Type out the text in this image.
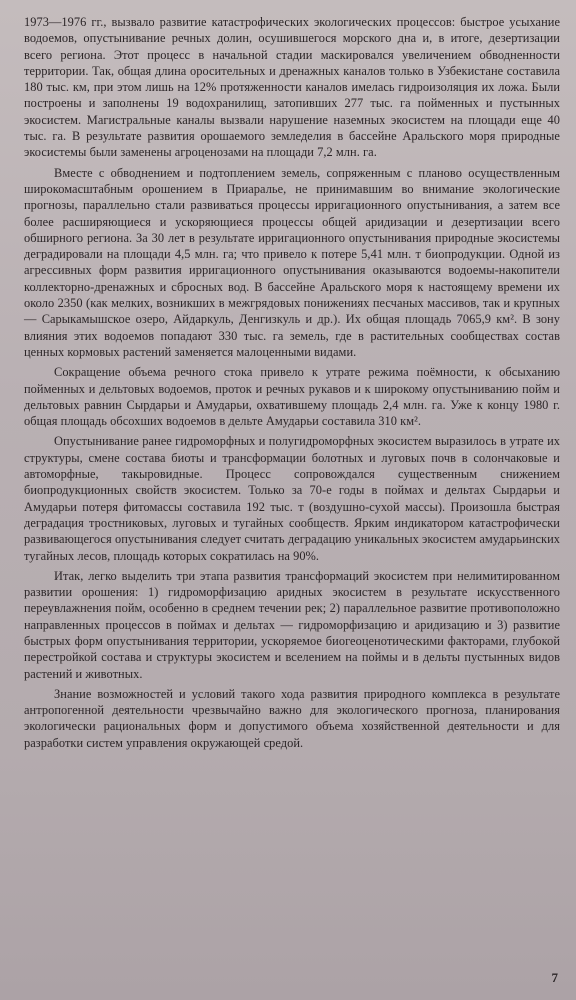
1973—1976 гг., вызвало развитие катастрофических экологических процессов: быстрое усыхание водоемов, опустынивание речных долин, осушившегося морского дна и, в итоге, дезертизации всего региона. Этот процесс в начальной стадии маскировался увеличением обводненности территории. Так, общая длина оросительных и дренажных каналов только в Узбекистане составила 180 тыс. км, при этом лишь на 12% протяженности каналов имелась гидроизоляция их ложа. Были построены и заполнены 19 водохранилищ, затопивших 277 тыс. га пойменных и пустынных экосистем. Магистральные каналы вызвали нарушение наземных экосистем на площади еще 40 тыс. га. В результате развития орошаемого земледелия в бассейне Аральского моря природные экосистемы были заменены агроценозами на площади 7,2 млн. га.

Вместе с обводнением и подтоплением земель, сопряженным с планово осуществленным широкомасштабным орошением в Приаралье, не принимавшим во внимание экологические прогнозы, параллельно стали развиваться процессы ирригационного опустынивания, а затем все более расширяющиеся и ускоряющиеся процессы общей аридизации и дезертизации всего обширного региона. За 30 лет в результате ирригационного опустынивания природные экосистемы деградировали на площади 4,5 млн. га; что привело к потере 5,41 млн. т биопродукции. Одной из агрессивных форм развития ирригационного опустынивания оказываются водоемы-накопители коллекторно-дренажных и сбросных вод. В бассейне Аральского моря к настоящему времени их около 2350 (как мелких, возникших в межгрядовых понижениях песчаных массивов, так и крупных — Сарыкамышское озеро, Айдаркуль, Денгизкуль и др.). Их общая площадь 7065,9 км². В зону влияния этих водоемов попадают 330 тыс. га земель, где в растительных сообществах состав ценных кормовых растений заменяется малоценными видами.

Сокращение объема речного стока привело к утрате режима поёмности, к обсыханию пойменных и дельтовых водоемов, проток и речных рукавов и к широкому опустыниванию пойм и дельтовых равнин Сырдарьи и Амударьи, охватившему площадь 2,4 млн. га. Уже к концу 1980 г. общая площадь обсохших водоемов в дельте Амударьи составила 310 км².

Опустынивание ранее гидроморфных и полугидроморфных экосистем выразилось в утрате их структуры, смене состава биоты и трансформации болотных и луговых почв в солончаковые и автоморфные, такыровидные. Процесс сопровождался существенным снижением биопродукционных свойств экосистем. Только за 70-е годы в поймах и дельтах Сырдарьи и Амударьи потеря фитомассы составила 192 тыс. т (воздушно-сухой массы). Произошла быстрая деградация тростниковых, луговых и тугайных сообществ. Ярким индикатором катастрофически развивающегося опустынивания следует считать деградацию уникальных экосистем амударьинских тугайных лесов, площадь которых сократилась на 90%.

Итак, легко выделить три этапа развития трансформаций экосистем при нелимитированном развитии орошения: 1) гидроморфизацию аридных экосистем в результате искусственного переувлажнения пойм, особенно в среднем течении рек; 2) параллельное развитие противоположно направленных процессов в поймах и дельтах — гидроморфизацию и аридизацию и 3) развитие быстрых форм опустынивания территории, ускоряемое биогеоценотическими факторами, глубокой перестройкой состава и структуры экосистем и вселением на поймы и в дельты пустынных видов растений и животных.

Знание возможностей и условий такого хода развития природного комплекса в результате антропогенной деятельности чрезвычайно важно для экологического прогноза, планирования экологически рациональных форм и допустимого объема хозяйственной деятельности и для разработки систем управления окружающей средой.

7
